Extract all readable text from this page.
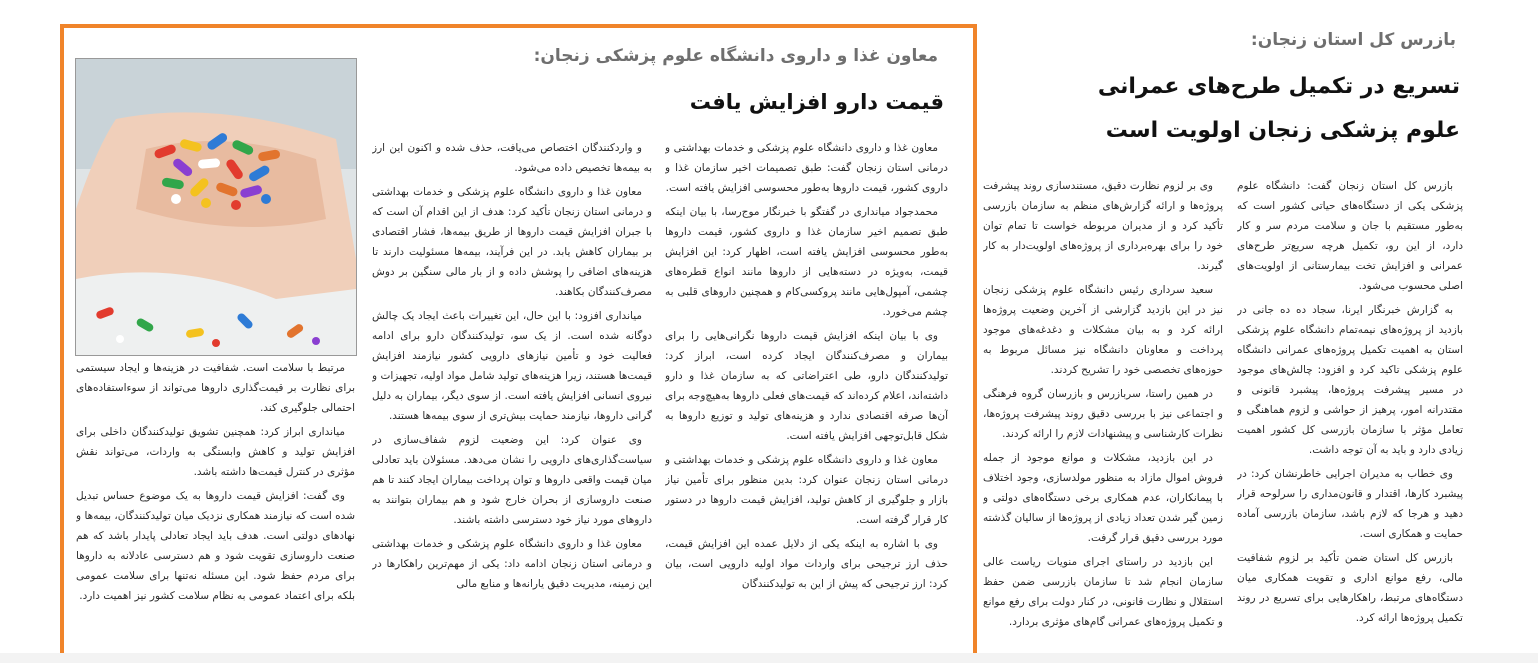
بازرس کل استان زنجان:
تسریع در تکمیل طرح‌های عمرانی
علوم پزشکی زنجان اولویت است

بازرس کل استان زنجان گفت: دانشگاه علوم پزشکی یکی از دستگاه‌های حیاتی کشور است که به‌طور مستقیم با جان و سلامت مردم سر و کار دارد، از این رو، تکمیل هرچه سریع‌تر طرح‌های عمرانی و افزایش تخت بیمارستانی از اولویت‌های اصلی محسوب می‌شود.

به گزارش خبرنگار ایرنا، سجاد ده ده جانی در بازدید از پروژه‌های نیمه‌تمام دانشگاه علوم پزشکی استان به اهمیت تکمیل پروژه‌های عمرانی دانشگاه علوم پزشکی تاکید کرد و افزود: چالش‌های موجود در مسیر پیشرفت پروژه‌ها، پیشبرد قانونی و مقتدرانه امور، پرهیز از حواشی و لزوم هماهنگی و تعامل مؤثر با سازمان بازرسی کل کشور اهمیت زیادی دارد و باید به آن توجه داشت.

وی خطاب به مدیران اجرایی خاطرنشان کرد: در پیشبرد کارها، اقتدار و قانون‌مداری را سرلوحه قرار دهید و هرجا که لازم باشد، سازمان بازرسی آماده حمایت و همکاری است.

بازرس کل استان ضمن تأکید بر لزوم شفافیت مالی، رفع موانع اداری و تقویت همکاری میان دستگاه‌های مرتبط، راهکارهایی برای تسریع در روند تکمیل پروژه‌ها ارائه کرد.

وی بر لزوم نظارت دقیق، مستندسازی روند پیشرفت پروژه‌ها و ارائه گزارش‌های منظم به سازمان بازرسی تأکید کرد و از مدیران مربوطه خواست تا تمام توان خود را برای بهره‌برداری از پروژه‌های اولویت‌دار به کار گیرند.

سعید سرداری رئیس دانشگاه علوم پزشکی زنجان نیز در این بازدید گزارشی از آخرین وضعیت پروژه‌ها ارائه کرد و به بیان مشکلات و دغدغه‌های موجود پرداخت و معاونان دانشگاه نیز مسائل مربوط به حوزه‌های تخصصی خود را تشریح کردند.

در همین راستا، سربازرس و بازرسان گروه فرهنگی و اجتماعی نیز با بررسی دقیق روند پیشرفت پروژه‌ها، نظرات کارشناسی و پیشنهادات لازم را ارائه کردند.

در این بازدید، مشکلات و موانع موجود از جمله فروش اموال مازاد به منظور مولدسازی، وجود اختلاف با پیمانکاران، عدم همکاری برخی دستگاه‌های دولتی و زمین گیر شدن تعداد زیادی از پروژه‌ها از سالیان گذشته مورد بررسی دقیق قرار گرفت.

این بازدید در راستای اجرای منویات ریاست عالی سازمان انجام شد تا سازمان بازرسی ضمن حفظ استقلال و نظارت قانونی، در کنار دولت برای رفع موانع و تکمیل پروژه‌های عمرانی گام‌های مؤثری بردارد.

معاون غذا و داروی دانشگاه علوم پزشکی زنجان:
قیمت دارو افزایش یافت

معاون غذا و داروی دانشگاه علوم پزشکی و خدمات بهداشتی و درمانی استان زنجان گفت: طبق تصمیمات اخیر سازمان غذا و داروی کشور، قیمت داروها به‌طور محسوسی افزایش یافته است.

محمدجواد میانداری در گفتگو با خبرنگار موج‌رسا، با بیان اینکه طبق تصمیم اخیر سازمان غذا و داروی کشور، قیمت داروها به‌طور محسوسی افزایش یافته است، اظهار کرد: این افزایش قیمت، به‌ویژه در دسته‌هایی از داروها مانند انواع قطره‌های چشمی، آمپول‌هایی مانند پروکسی‌کام و همچنین داروهای قلبی به چشم می‌خورد.

وی با بیان اینکه افزایش قیمت داروها نگرانی‌هایی را برای بیماران و مصرف‌کنندگان ایجاد کرده است، ابراز کرد: تولیدکنندگان دارو، طی اعتراضاتی که به سازمان غذا و دارو داشته‌اند، اعلام کرده‌اند که قیمت‌های فعلی داروها به‌هیچ‌وجه برای آن‌ها صرفه اقتصادی ندارد و هزینه‌های تولید و توزیع داروها به شکل قابل‌توجهی افزایش یافته است.

معاون غذا و داروی دانشگاه علوم پزشکی و خدمات بهداشتی و درمانی استان زنجان عنوان کرد: بدین منظور برای تأمین نیاز بازار و جلوگیری از کاهش تولید، افزایش قیمت داروها در دستور کار قرار گرفته است.

وی با اشاره به اینکه یکی از دلایل عمده این افزایش قیمت، حذف ارز ترجیحی برای واردات مواد اولیه دارویی است، بیان کرد: ارز ترجیحی که پیش از این به تولیدکنندگان

و واردکنندگان اختصاص می‌یافت، حذف شده و اکنون این ارز به بیمه‌ها تخصیص داده می‌شود.

معاون غذا و داروی دانشگاه علوم پزشکی و خدمات بهداشتی و درمانی استان زنجان تأکید کرد: هدف از این اقدام آن است که با جبران افزایش قیمت داروها از طریق بیمه‌ها، فشار اقتصادی بر بیماران کاهش یابد. در این فرآیند، بیمه‌ها مسئولیت دارند تا هزینه‌های اضافی را پوشش داده و از بار مالی سنگین بر دوش مصرف‌کنندگان بکاهند.

میانداری افزود: با این حال، این تغییرات باعث ایجاد یک چالش دوگانه شده است. از یک سو، تولیدکنندگان دارو برای ادامه فعالیت خود و تأمین نیازهای دارویی کشور نیازمند افزایش قیمت‌ها هستند، زیرا هزینه‌های تولید شامل مواد اولیه، تجهیزات و نیروی انسانی افزایش یافته است. از سوی دیگر، بیماران به دلیل گرانی داروها، نیازمند حمایت بیش‌تری از سوی بیمه‌ها هستند.

وی عنوان کرد: این وضعیت لزوم شفاف‌سازی در سیاست‌گذاری‌های دارویی را نشان می‌دهد. مسئولان باید تعادلی میان قیمت واقعی داروها و توان پرداخت بیماران ایجاد کنند تا هم صنعت داروسازی از بحران خارج شود و هم بیماران بتوانند به داروهای مورد نیاز خود دسترسی داشته باشند.

معاون غذا و داروی دانشگاه علوم پزشکی و خدمات بهداشتی و درمانی استان زنجان ادامه داد: یکی از مهم‌ترین راهکارها در این زمینه، مدیریت دقیق یارانه‌ها و منابع مالی

مرتبط با سلامت است. شفافیت در هزینه‌ها و ایجاد سیستمی برای نظارت بر قیمت‌گذاری داروها می‌تواند از سوءاستفاده‌های احتمالی جلوگیری کند.

میانداری ابراز کرد: همچنین تشویق تولیدکنندگان داخلی برای افزایش تولید و کاهش وابستگی به واردات، می‌تواند نقش مؤثری در کنترل قیمت‌ها داشته باشد.

وی گفت: افزایش قیمت داروها به یک موضوع حساس تبدیل شده است که نیازمند همکاری نزدیک میان تولیدکنندگان، بیمه‌ها و نهادهای دولتی است. هدف باید ایجاد تعادلی پایدار باشد که هم صنعت داروسازی تقویت شود و هم دسترسی عادلانه به داروها برای مردم حفظ شود. این مسئله نه‌تنها برای سلامت عمومی بلکه برای اعتماد عمومی به نظام سلامت کشور نیز اهمیت دارد.
